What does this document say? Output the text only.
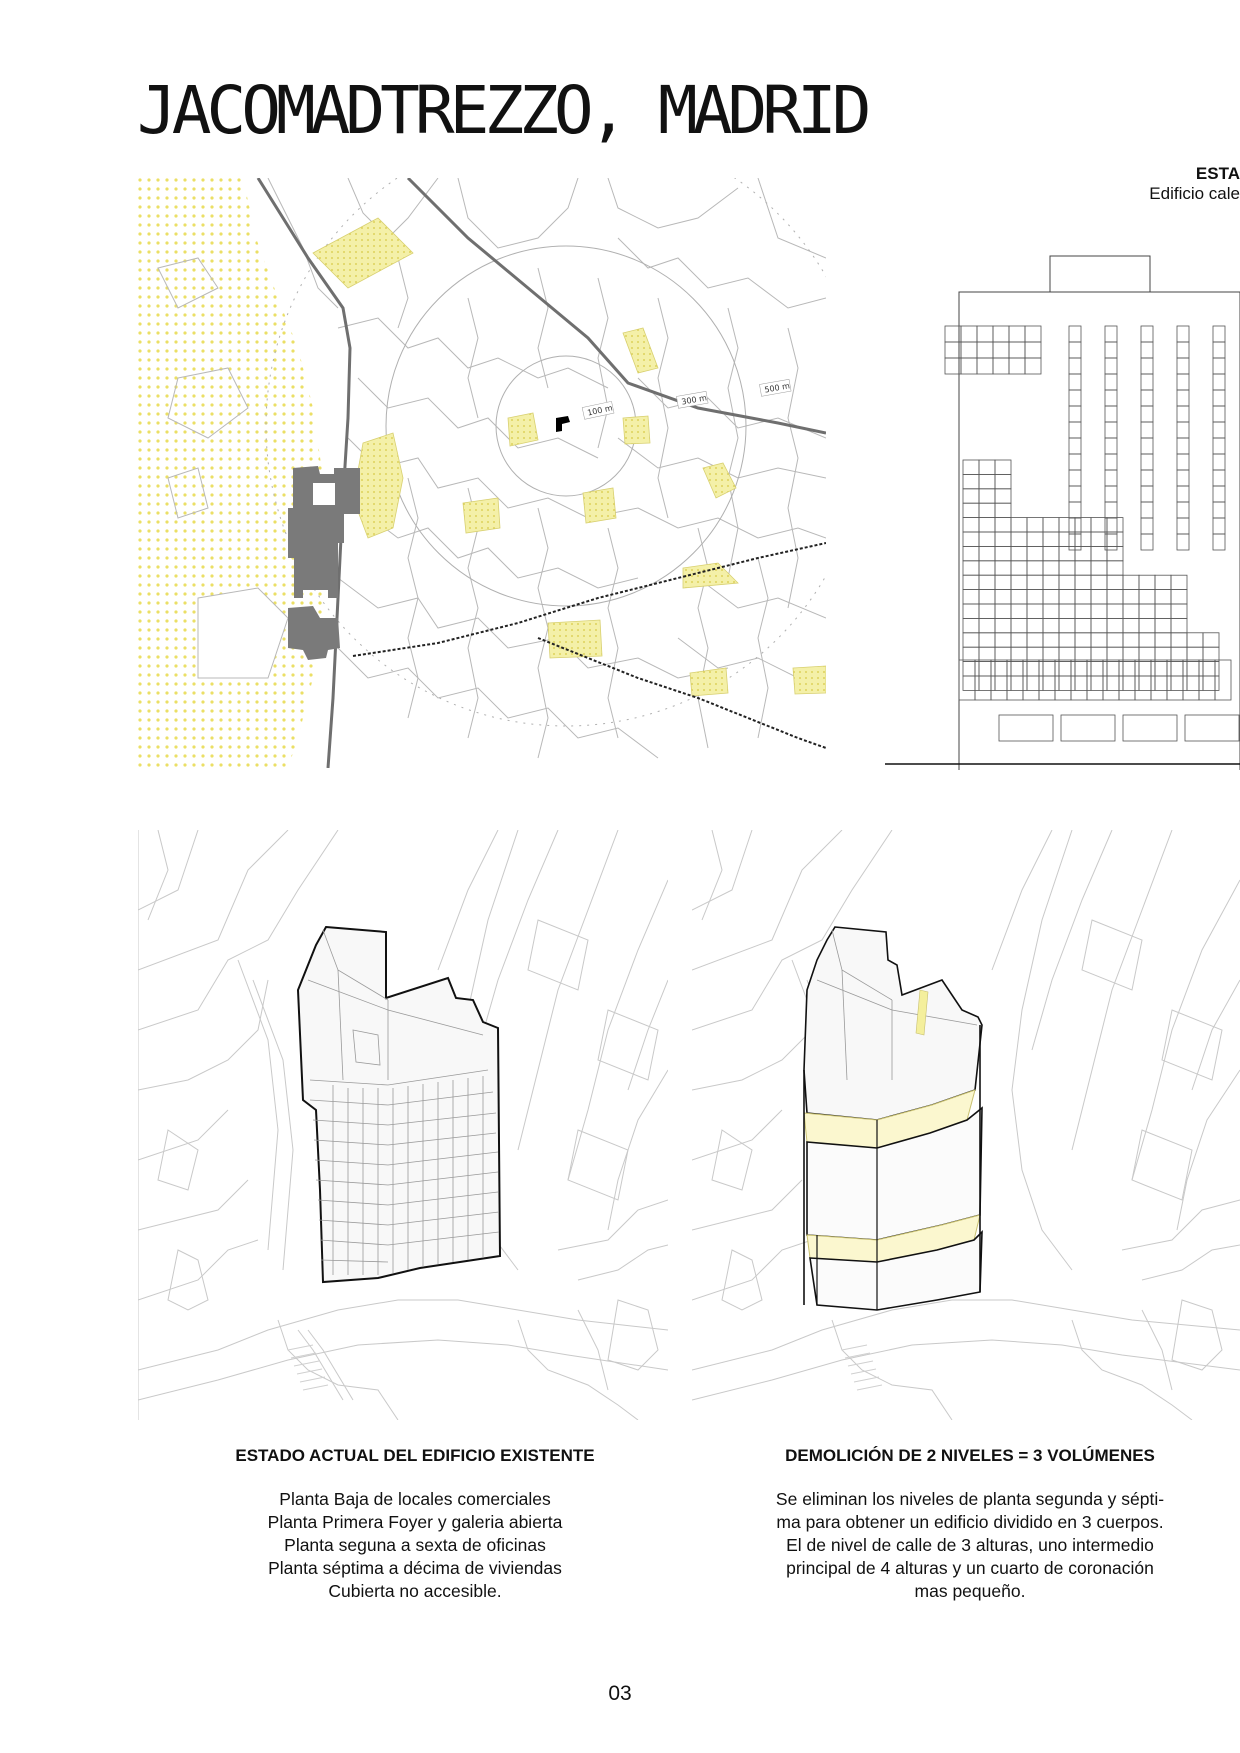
JACOMADTREZZO, MADRID
100 m
300 m
500 m
ESTA
Edificio cale
ESTADO ACTUAL DEL EDIFICIO EXISTENTE
Planta Baja de locales comerciales
Planta Primera Foyer y galeria abierta
Planta seguna a sexta de oficinas
Planta séptima a décima de viviendas
Cubierta no accesible.
DEMOLICIÓN DE 2 NIVELES = 3 VOLÚMENES
Se eliminan los niveles de planta segunda y sépti-
ma para obtener un edificio dividido en 3 cuerpos.
El de nivel de calle de 3 alturas, uno intermedio
principal de 4 alturas y un cuarto de coronación
mas pequeño.
03
